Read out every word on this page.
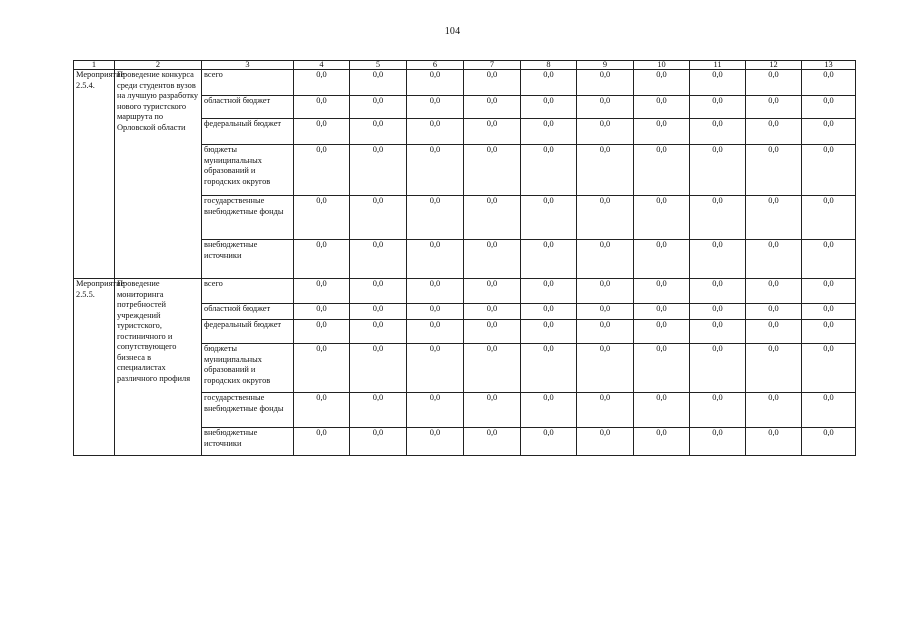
104
1	2	3	4	5	6	7	8	9	10	11	12	13
Мероприятие 2.5.4.	Проведение конкурса среди студентов вузов на лучшую разработку нового туристского маршрута по Орловской области	всего	0,0	0,0	0,0	0,0	0,0	0,0	0,0	0,0	0,0	0,0
		областной бюджет	0,0	0,0	0,0	0,0	0,0	0,0	0,0	0,0	0,0	0,0
		федеральный бюджет	0,0	0,0	0,0	0,0	0,0	0,0	0,0	0,0	0,0	0,0
		бюджеты муниципальных образований и городских округов	0,0	0,0	0,0	0,0	0,0	0,0	0,0	0,0	0,0	0,0
		государственные внебюджетные фонды	0,0	0,0	0,0	0,0	0,0	0,0	0,0	0,0	0,0	0,0
		внебюджетные источники	0,0	0,0	0,0	0,0	0,0	0,0	0,0	0,0	0,0	0,0
Мероприятие 2.5.5.	Проведение мониторинга потребностей учреждений туристского, гостиничного и сопутствующего бизнеса в специалистах различного профиля	всего	0,0	0,0	0,0	0,0	0,0	0,0	0,0	0,0	0,0	0,0
		областной бюджет	0,0	0,0	0,0	0,0	0,0	0,0	0,0	0,0	0,0	0,0
		федеральный бюджет	0,0	0,0	0,0	0,0	0,0	0,0	0,0	0,0	0,0	0,0
		бюджеты муниципальных образований и городских округов	0,0	0,0	0,0	0,0	0,0	0,0	0,0	0,0	0,0	0,0
		государственные внебюджетные фонды	0,0	0,0	0,0	0,0	0,0	0,0	0,0	0,0	0,0	0,0
		внебюджетные источники	0,0	0,0	0,0	0,0	0,0	0,0	0,0	0,0	0,0	0,0
